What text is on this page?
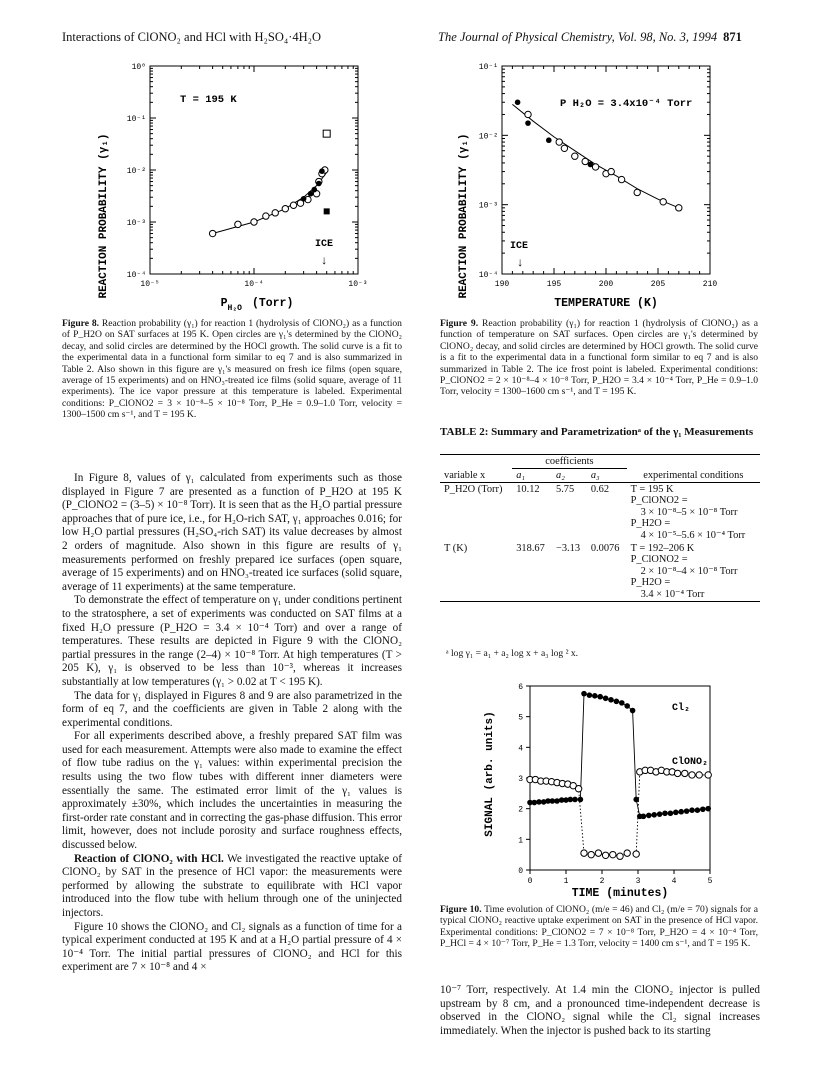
Interactions of ClONO₂ and HCl with H₂SO₄·4H₂O	The Journal of Physical Chemistry, Vol. 98, No. 3, 1994 871
REACTION PROBABILITY (γ₁)
10⁰
10⁻¹
10⁻²
10⁻³
10⁻⁴
10⁻⁵	10⁻⁴	10⁻³
T = 195 K
ICE
↓
$P_{H_2O}$ (Torr)
Figure 8. Reaction probability (γ₁) for reaction 1 (hydrolysis of ClONO₂) as a function of P_H2O on SAT surfaces at 195 K. Open circles are γ₁'s determined by the ClONO₂ decay, and solid circles are determined by the HOCl growth. The solid curve is a fit to the experimental data in a functional form similar to eq 7 and is also summarized in Table 2. Also shown in this figure are γ₁'s measured on fresh ice films (open square, average of 15 experiments) and on HNO₃-treated ice films (solid square, average of 11 experiments). The ice vapor pressure at this temperature is labeled. Experimental conditions: P_ClONO2 = 3 × 10⁻⁸–5 × 10⁻⁸ Torr, P_He = 0.9–1.0 Torr, velocity = 1300–1500 cm s⁻¹, and T = 195 K.
REACTION PROBABILITY (γ₁)
10⁻¹
10⁻²
10⁻³
10⁻⁴
190	195	200	205	210
P H₂O = 3.4x10⁻⁴ Torr
ICE
↓
TEMPERATURE (K)
Figure 9. Reaction probability (γ₁) for reaction 1 (hydrolysis of ClONO₂) as a function of temperature on SAT surfaces. Open circles are γ₁'s determined by ClONO₂ decay, and solid circles are determined by HOCl growth. The solid curve is a fit to the experimental data in a functional form similar to eq 7 and is also summarized in Table 2. The ice frost point is labeled. Experimental conditions: P_ClONO2 = 2 × 10⁻⁸–4 × 10⁻⁸ Torr, P_H2O = 3.4 × 10⁻⁴ Torr, P_He = 0.9–1.0 Torr, velocity = 1300–1600 cm s⁻¹, and T = 195 K.
TABLE 2: Summary and Parametrizationᵃ of the γ₁ Measurements
	coefficients			
variable x	a₁	a₂	a₃	experimental conditions
P_H2O (Torr)	10.12	5.75	0.62	T = 195 K
P_ClONO2 =
3 × 10⁻⁸–5 × 10⁻⁸ Torr
P_H2O =
4 × 10⁻⁵–5.6 × 10⁻⁴ Torr

T (K)	318.67	−3.13	0.0076	T = 192–206 K
P_ClONO2 =
2 × 10⁻⁸–4 × 10⁻⁸ Torr
P_H2O =
3.4 × 10⁻⁴ Torr
ᵃ log γ₁ = a₁ + a₂ log x + a₃ log ² x.
SIGNAL (arb. units)
0
1
2
3
4
5
6
0	1	2	3	4	5
Cl₂
ClONO₂
TIME (minutes)
Figure 10. Time evolution of ClONO₂ (m/e = 46) and Cl₂ (m/e = 70) signals for a typical ClONO₂ reactive uptake experiment on SAT in the presence of HCl vapor. Experimental conditions: P_ClONO2 = 7 × 10⁻⁸ Torr, P_H2O = 4 × 10⁻⁴ Torr, P_HCl = 4 × 10⁻⁷ Torr, P_He = 1.3 Torr, velocity = 1400 cm s⁻¹, and T = 195 K.

In Figure 8, values of γ₁ calculated from experiments such as those displayed in Figure 7 are presented as a function of P_H2O at 195 K (P_ClONO2 = (3–5) × 10⁻⁸ Torr). It is seen that as the H₂O partial pressure approaches that of pure ice, i.e., for H₂O-rich SAT, γ₁ approaches 0.016; for low H₂O partial pressures (H₂SO₄-rich SAT) its value decreases by almost 2 orders of magnitude. Also shown in this figure are results of γ₁ measurements performed on freshly prepared ice surfaces (open square, average of 15 experiments) and on HNO₃-treated ice surfaces (solid square, average of 11 experiments) at the same temperature.

To demonstrate the effect of temperature on γ₁ under conditions pertinent to the stratosphere, a set of experiments was conducted on SAT films at a fixed H₂O pressure (P_H2O = 3.4 × 10⁻⁴ Torr) and over a range of temperatures. These results are depicted in Figure 9 with the ClONO₂ partial pressures in the range (2–4) × 10⁻⁸ Torr. At high temperatures (T > 205 K), γ₁ is observed to be less than 10⁻³, whereas it increases substantially at low temperatures (γ₁ > 0.02 at T < 195 K).

The data for γ₁ displayed in Figures 8 and 9 are also parametrized in the form of eq 7, and the coefficients are given in Table 2 along with the experimental conditions.

For all experiments described above, a freshly prepared SAT film was used for each measurement. Attempts were also made to examine the effect of flow tube radius on the γ₁ values: within experimental precision the results using the two flow tubes with different inner diameters were essentially the same. The estimated error limit of the γ₁ values is approximately ±30%, which includes the uncertainties in measuring the first-order rate constant and in correcting the gas-phase diffusion. This error limit, however, does not include porosity and surface roughness effects, discussed below.

Reaction of ClONO₂ with HCl. We investigated the reactive uptake of ClONO₂ by SAT in the presence of HCl vapor: the measurements were performed by allowing the substrate to equilibrate with HCl vapor introduced into the flow tube with helium through one of the uninjected injectors.

Figure 10 shows the ClONO₂ and Cl₂ signals as a function of time for a typical experiment conducted at 195 K and at a H₂O partial pressure of 4 × 10⁻⁴ Torr. The initial partial pressures of ClONO₂ and HCl for this experiment are 7 × 10⁻⁸ and 4 ×

10⁻⁷ Torr, respectively. At 1.4 min the ClONO₂ injector is pulled upstream by 8 cm, and a pronounced time-independent decrease is observed in the ClONO₂ signal while the Cl₂ signal increases immediately. When the injector is pushed back to its starting
